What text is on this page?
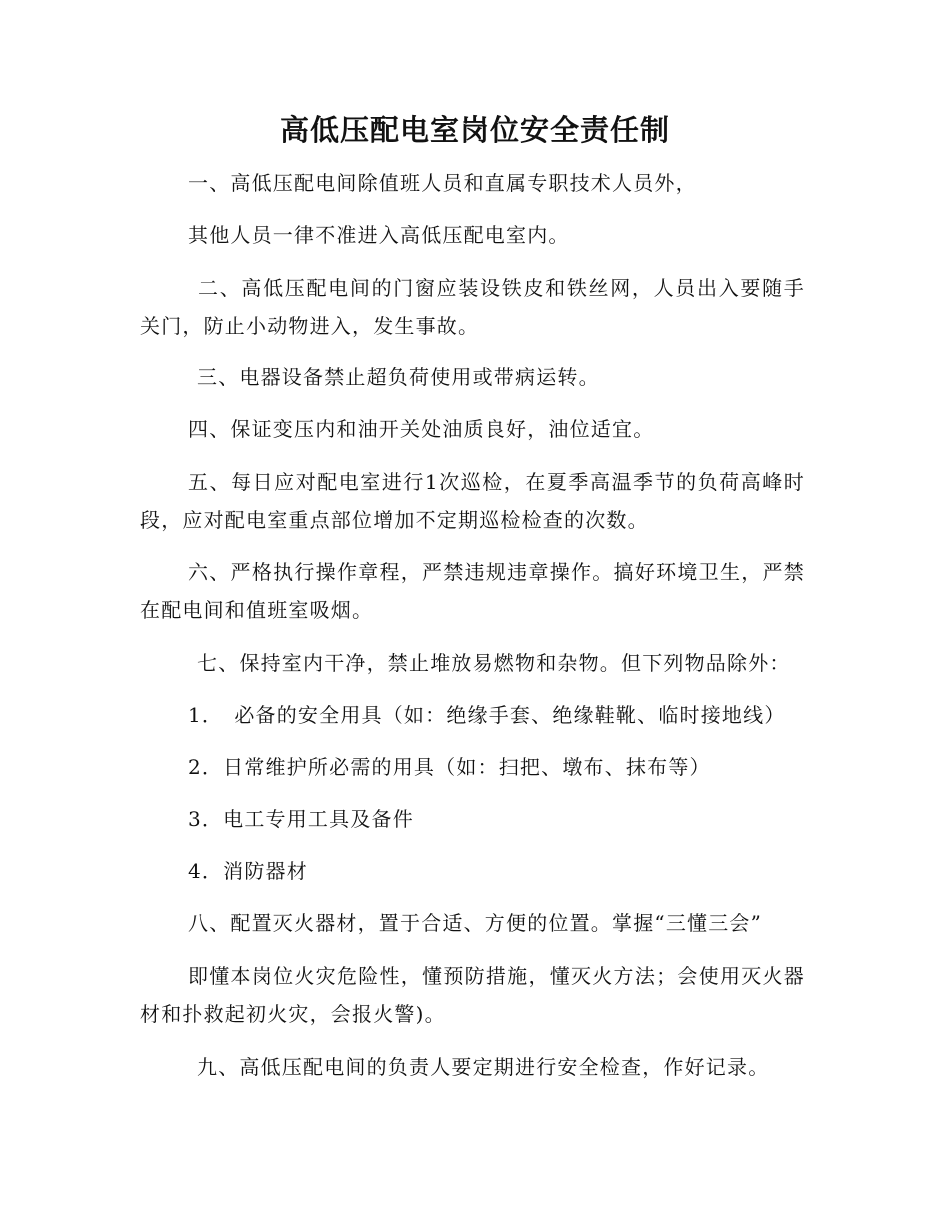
高低压配电室岗位安全责任制
一、高低压配电间除值班人员和直属专职技术人员外，
其他人员一律不准进入高低压配电室内。
二、高低压配电间的门窗应装设铁皮和铁丝网，人员出入要随手关门，防止小动物进入，发生事故。
三、电器设备禁止超负荷使用或带病运转。
四、保证变压内和油开关处油质良好，油位适宜。
五、每日应对配电室进行1次巡检，在夏季高温季节的负荷高峰时段，应对配电室重点部位增加不定期巡检检查的次数。
六、严格执行操作章程，严禁违规违章操作。搞好环境卫生，严禁在配电间和值班室吸烟。
七、保持室内干净，禁止堆放易燃物和杂物。但下列物品除外：
1．　必备的安全用具（如：绝缘手套、绝缘鞋靴、临时接地线）
2．日常维护所必需的用具（如：扫把、墩布、抹布等）
3．电工专用工具及备件
4．消防器材
八、配置灭火器材，置于合适、方便的位置。掌握“三懂三会”
即懂本岗位火灾危险性，懂预防措施，懂灭火方法；会使用灭火器材和扑救起初火灾，会报火警)。
九、高低压配电间的负责人要定期进行安全检查，作好记录。
